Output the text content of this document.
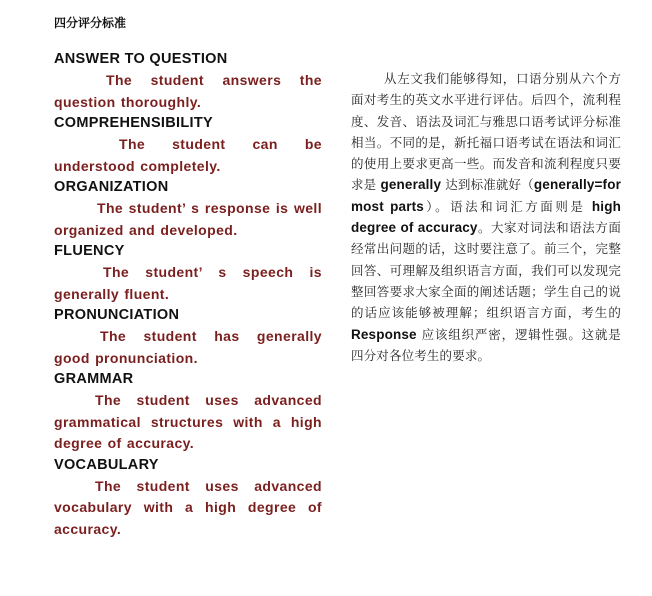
四分评分标准
ANSWER TO QUESTION

The student answers the question thoroughly.

COMPREHENSIBILITY

The student can be understood completely.

ORGANIZATION

The student’ s response is well organized and developed.

FLUENCY

The student’ s speech is generally fluent.

PRONUNCIATION

The student has generally good pronunciation.

GRAMMAR

The student uses advanced grammatical structures with a high degree of accuracy.

VOCABULARY

The student uses advanced vocabulary with a high degree of accuracy.

从左文我们能够得知，口语分别从六个方面对考生的英文水平进行评估。后四个，流利程度、发音、语法及词汇与雅思口语考试评分标准相当。不同的是，新托福口语考试在语法和词汇的使用上要求更高一些。而发音和流利程度只要求是 generally 达到标准就好（generally=for most parts）。语法和词汇方面则是 high degree of accuracy。大家对词法和语法方面经常出问题的话，这时要注意了。前三个，完整回答、可理解及组织语言方面，我们可以发现完整回答要求大家全面的阐述话题；学生自己的说的话应该能够被理解；组织语言方面，考生的 Response 应该组织严密，逻辑性强。这就是四分对各位考生的要求。
